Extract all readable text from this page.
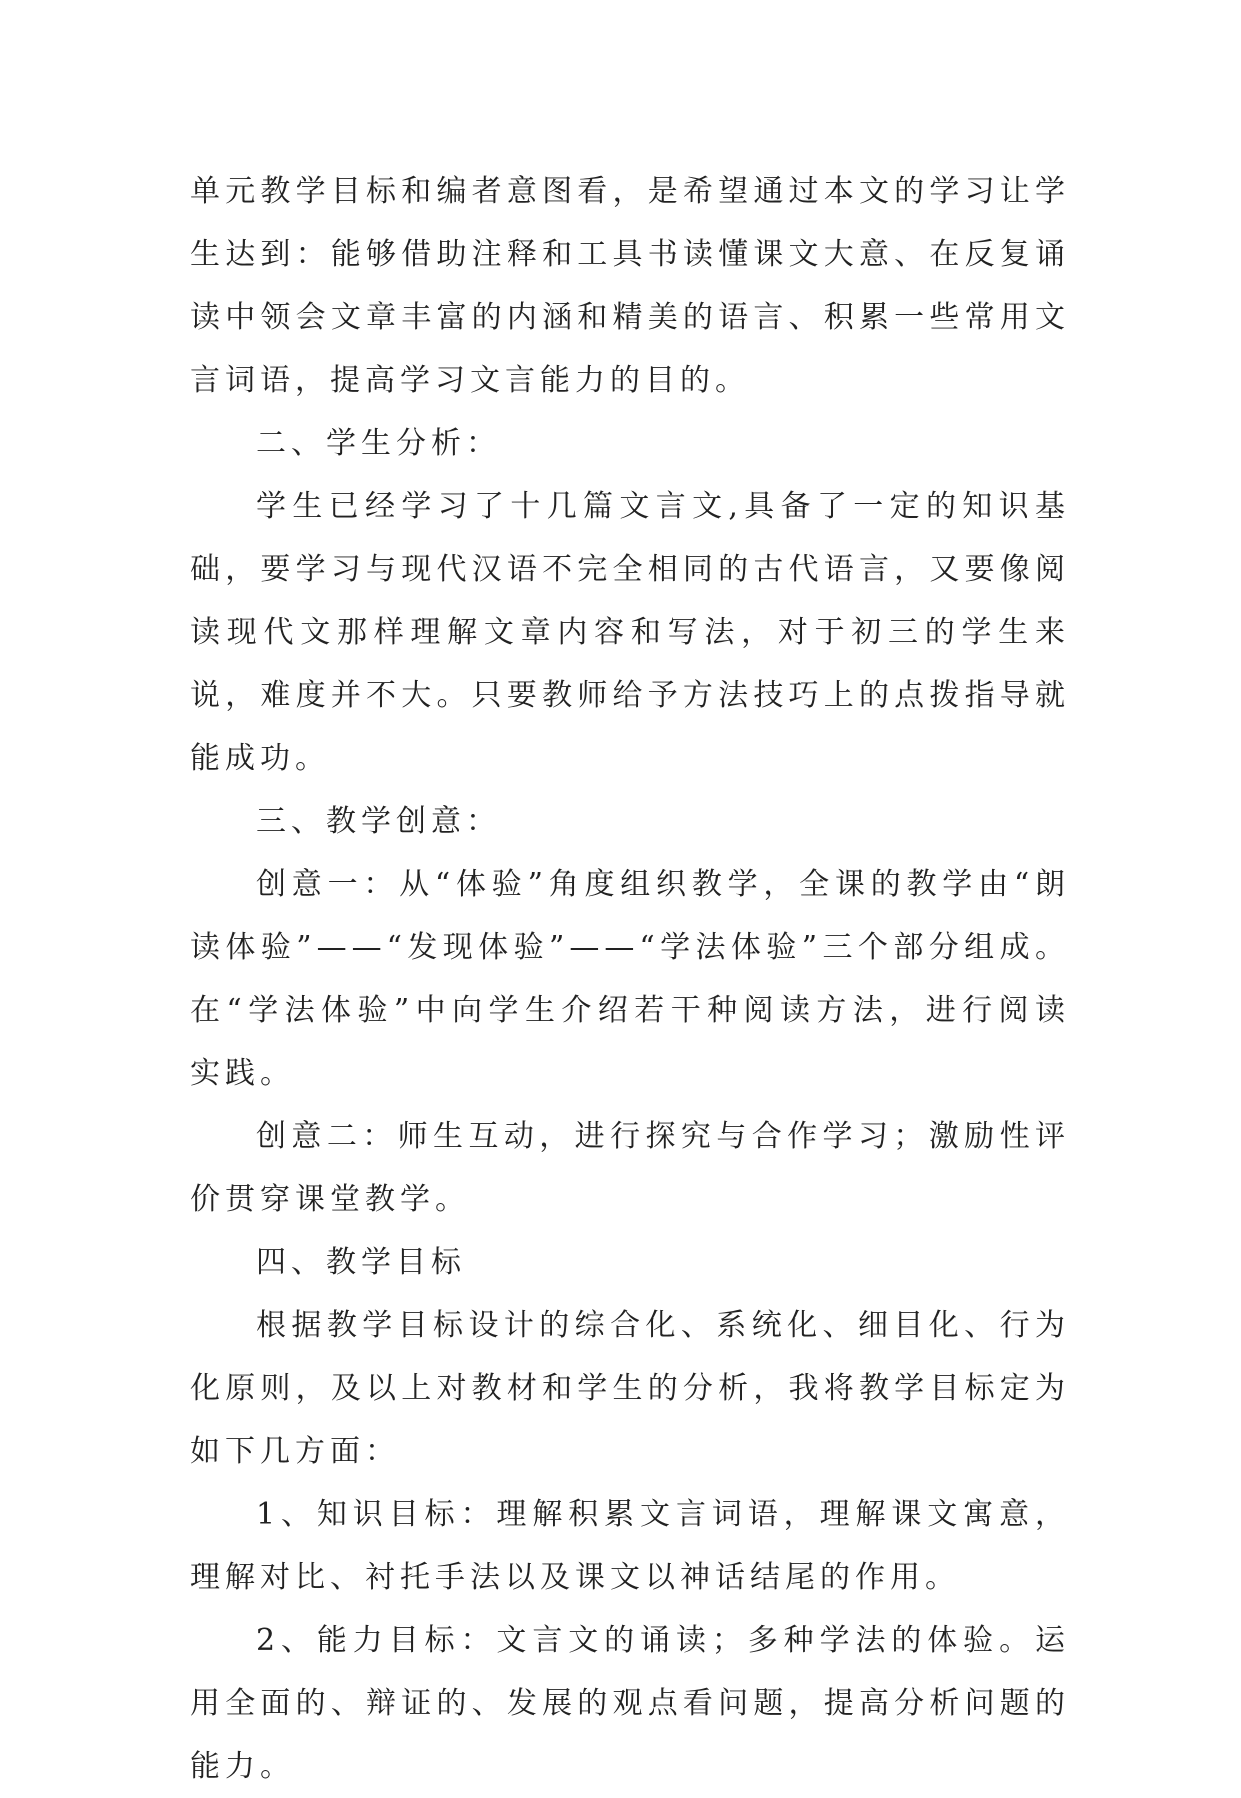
单元教学目标和编者意图看，是希望通过本文的学习让学生达到：能够借助注释和工具书读懂课文大意、在反复诵读中领会文章丰富的内涵和精美的语言、积累一些常用文言词语，提高学习文言能力的目的。

二、学生分析：

学生已经学习了十几篇文言文,具备了一定的知识基础，要学习与现代汉语不完全相同的古代语言，又要像阅读现代文那样理解文章内容和写法，对于初三的学生来说，难度并不大。只要教师给予方法技巧上的点拨指导就能成功。

三、教学创意：

创意一：从“体验”角度组织教学，全课的教学由“朗读体验”——“发现体验”——“学法体验”三个部分组成。在“学法体验”中向学生介绍若干种阅读方法，进行阅读实践。

创意二：师生互动，进行探究与合作学习；激励性评价贯穿课堂教学。

四、教学目标

根据教学目标设计的综合化、系统化、细目化、行为化原则，及以上对教材和学生的分析，我将教学目标定为如下几方面：

1、知识目标：理解积累文言词语，理解课文寓意，理解对比、衬托手法以及课文以神话结尾的作用。

2、能力目标：文言文的诵读；多种学法的体验。运用全面的、辩证的、发展的观点看问题，提高分析问题的能力。
